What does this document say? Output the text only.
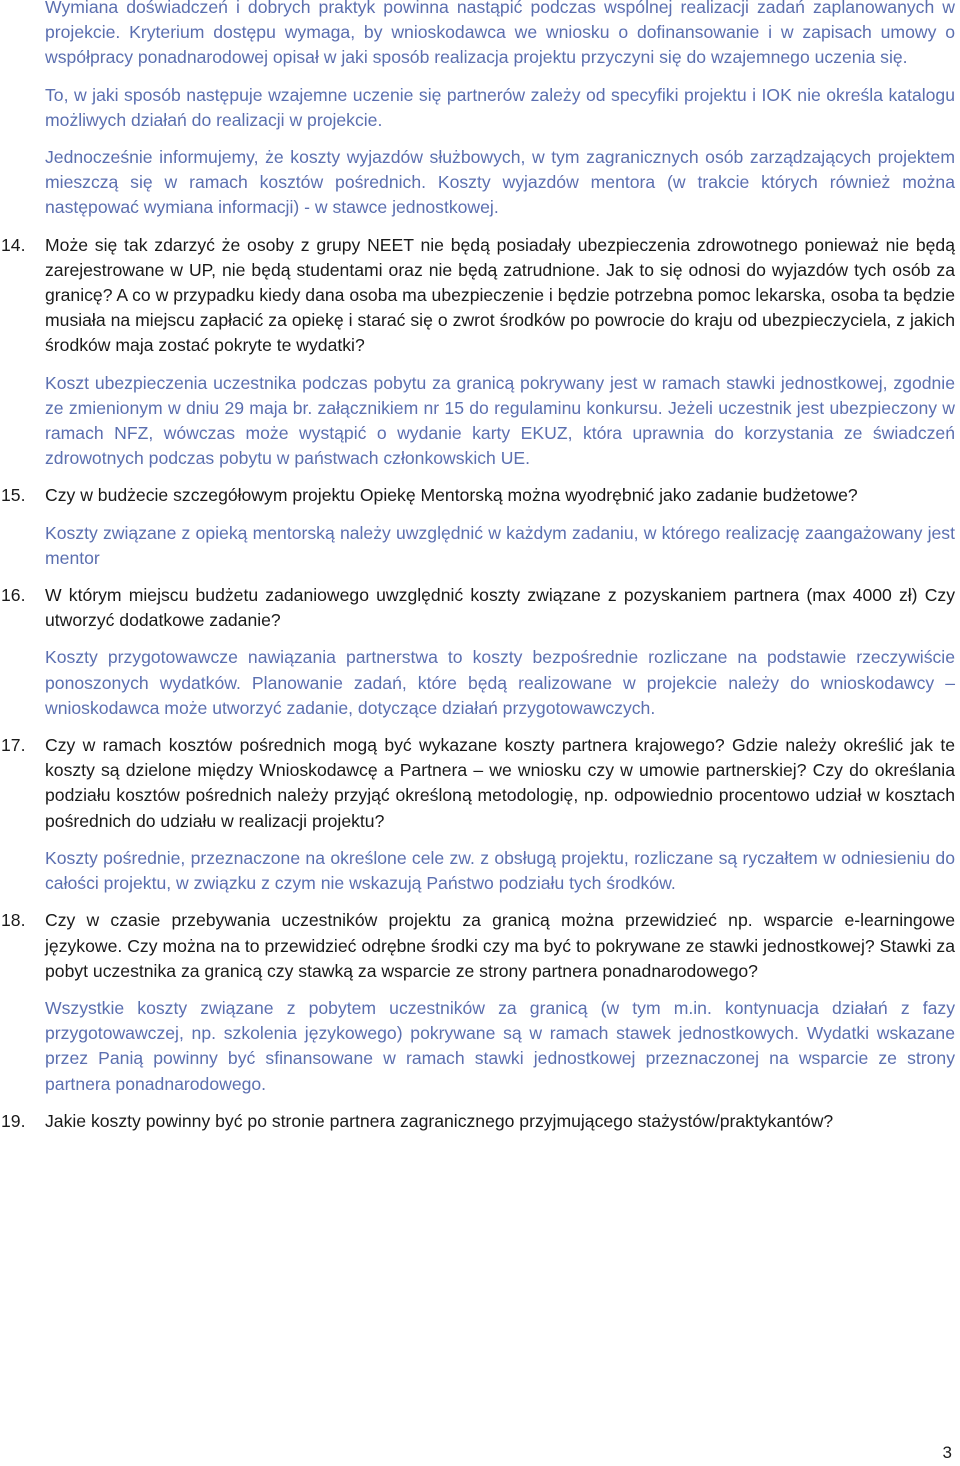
Wymiana doświadczeń i dobrych praktyk powinna nastąpić podczas wspólnej realizacji zadań zaplanowanych w projekcie. Kryterium dostępu wymaga, by wnioskodawca we wniosku o dofinansowanie i w zapisach umowy o współpracy ponadnarodowej opisał w jaki sposób realizacja projektu przyczyni się do wzajemnego uczenia się.

To, w jaki sposób następuje wzajemne uczenie się partnerów zależy od specyfiki projektu i IOK nie określa katalogu możliwych działań do realizacji w projekcie.

Jednocześnie informujemy, że koszty wyjazdów służbowych, w tym zagranicznych osób zarządzających projektem mieszczą się w ramach kosztów pośrednich. Koszty wyjazdów mentora (w trakcie których również można następować wymiana informacji) - w stawce jednostkowej.

14.	Może się tak zdarzyć że osoby z grupy NEET nie będą posiadały ubezpieczenia zdrowotnego ponieważ nie będą zarejestrowane w UP, nie będą studentami oraz nie będą zatrudnione. Jak to się odnosi do wyjazdów tych osób za granicę? A co w przypadku kiedy dana osoba ma ubezpieczenie i będzie potrzebna pomoc lekarska, osoba ta będzie musiała na miejscu zapłacić za opiekę i starać się o zwrot środków po powrocie do kraju od ubezpieczyciela, z jakich środków maja zostać pokryte te wydatki?

Koszt ubezpieczenia uczestnika podczas pobytu za granicą pokrywany jest w ramach stawki jednostkowej, zgodnie ze zmienionym w dniu 29 maja br. załącznikiem nr 15 do regulaminu konkursu. Jeżeli uczestnik jest ubezpieczony w ramach NFZ, wówczas może wystąpić o wydanie karty EKUZ, która uprawnia do korzystania ze świadczeń zdrowotnych podczas pobytu w państwach członkowskich UE.

15.	Czy w budżecie szczegółowym projektu Opiekę Mentorską można wyodrębnić jako zadanie budżetowe?

Koszty związane z opieką mentorską należy uwzględnić w każdym zadaniu, w którego realizację zaangażowany jest mentor

16.	W którym miejscu budżetu zadaniowego uwzględnić koszty związane z pozyskaniem partnera (max 4000 zł) Czy utworzyć dodatkowe zadanie?

Koszty przygotowawcze nawiązania partnerstwa to koszty bezpośrednie rozliczane na podstawie rzeczywiście ponoszonych wydatków. Planowanie zadań, które będą realizowane w projekcie należy do wnioskodawcy – wnioskodawca może utworzyć zadanie, dotyczące działań przygotowawczych.

17.	Czy w ramach kosztów pośrednich mogą być wykazane koszty partnera krajowego? Gdzie należy określić jak te koszty są dzielone między Wnioskodawcę a Partnera – we wniosku czy w umowie partnerskiej? Czy do określania podziału kosztów pośrednich należy przyjąć określoną metodologię, np. odpowiednio procentowo udział w kosztach pośrednich do udziału w realizacji projektu?

Koszty pośrednie, przeznaczone na określone cele zw. z obsługą projektu, rozliczane są ryczałtem w odniesieniu do całości projektu, w związku z czym nie wskazują Państwo podziału tych środków.

18.	Czy w czasie przebywania uczestników projektu za granicą można przewidzieć np. wsparcie e-learningowe językowe. Czy można na to przewidzieć odrębne środki czy ma być to pokrywane ze stawki jednostkowej? Stawki za pobyt uczestnika za granicą czy stawką za wsparcie ze strony partnera ponadnarodowego?

Wszystkie koszty związane z pobytem uczestników za granicą (w tym m.in. kontynuacja działań z fazy przygotowawczej, np. szkolenia językowego) pokrywane są w ramach stawek jednostkowych. Wydatki wskazane przez Panią powinny być sfinansowane w ramach stawki jednostkowej przeznaczonej na wsparcie ze strony partnera ponadnarodowego.

19.	Jakie koszty powinny być po stronie partnera zagranicznego przyjmującego stażystów/praktykantów?
3
